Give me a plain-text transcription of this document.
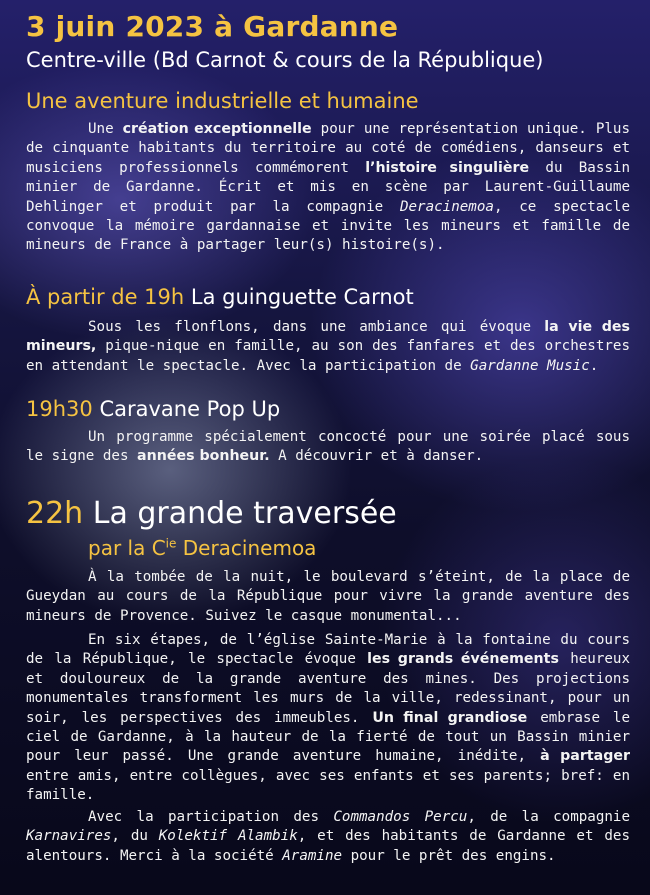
3 juin 2023 à Gardanne
Centre-ville (Bd Carnot & cours de la République)
Une aventure industrielle et humaine

Une création exceptionnelle pour une représentation unique. Plus de cinquante habitants du territoire au coté de comédiens, danseurs et musiciens professionnels commémorent l’histoire singulière du Bassin minier de Gardanne. Écrit et mis en scène par Laurent-Guillaume Dehlinger et produit par la compagnie Deracinemoa, ce spectacle convoque la mémoire gardannaise et invite les mineurs et famille de mineurs de France à partager leur(s) histoire(s).

À partir de 19h La guinguette Carnot

Sous les flonflons, dans une ambiance qui évoque la vie des mineurs, pique-nique en famille, au son des fanfares et des orchestres en attendant le spectacle. Avec la participation de Gardanne Music.

19h30 Caravane Pop Up

Un programme spécialement concocté pour une soirée placé sous le signe des années bonheur. A découvrir et à danser.

22h La grande traversée
par la $C^{ie}$ Deracinemoa

À la tombée de la nuit, le boulevard s’éteint, de la place de Gueydan au cours de la République pour vivre la grande aventure des mineurs de Provence. Suivez le casque monumental...

En six étapes, de l’église Sainte-Marie à la fontaine du cours de la République, le spectacle évoque les grands événements heureux et douloureux de la grande aventure des mines. Des projections monumentales transforment les murs de la ville, redessinant, pour un soir, les perspectives des immeubles. Un final grandiose embrase le ciel de Gardanne, à la hauteur de la fierté de tout un Bassin minier pour leur passé. Une grande aventure humaine, inédite, à partager entre amis, entre collègues, avec ses enfants et ses parents; bref: en famille.

Avec la participation des Commandos Percu, de la compagnie Karnavires, du Kolektif Alambik, et des habitants de Gardanne et des alentours. Merci à la société Aramine pour le prêt des engins.
